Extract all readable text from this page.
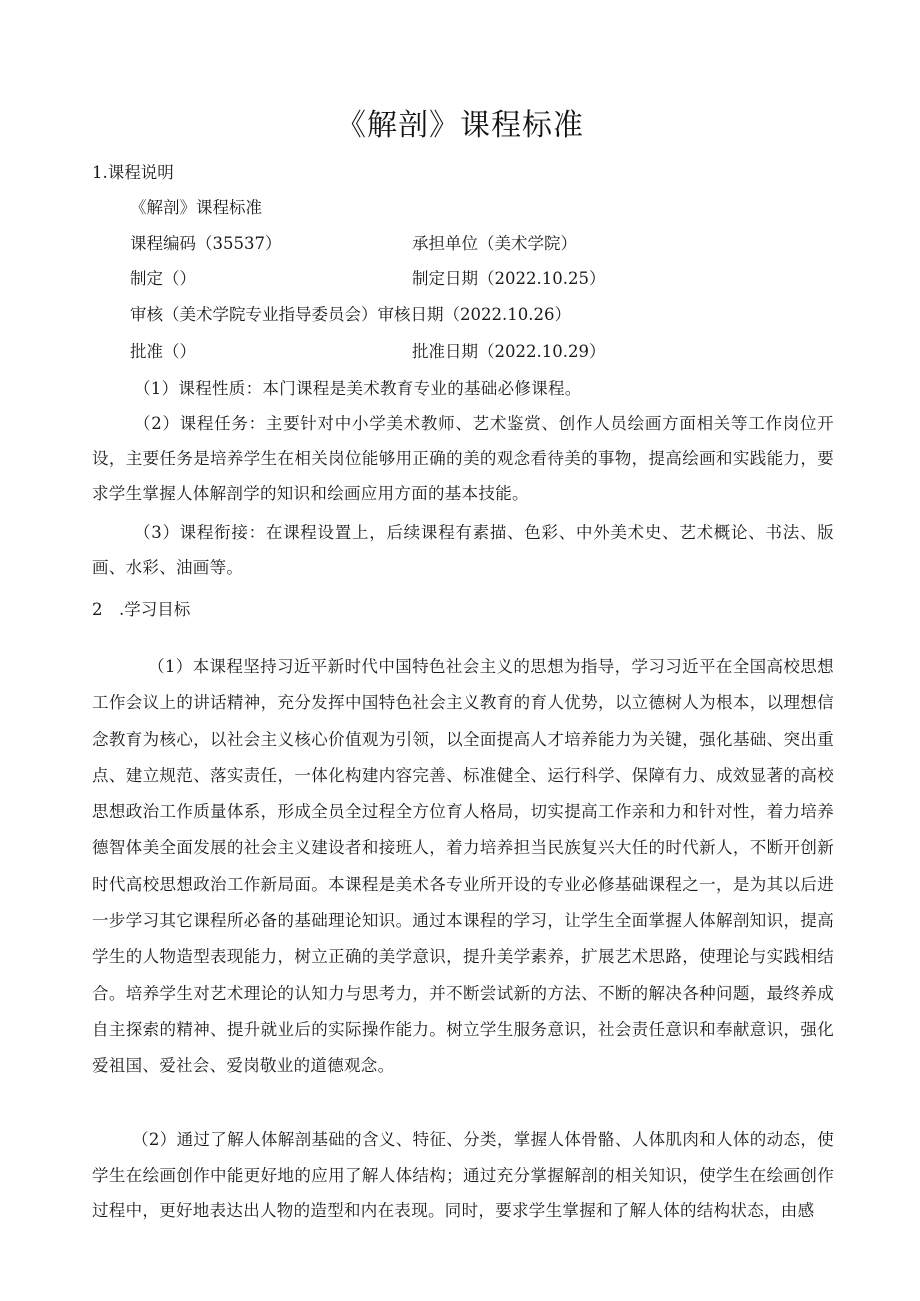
《解剖》课程标准
1.课程说明
《解剖》课程标准
课程编码（35537）	承担单位（美术学院）
制定（）	制定日期（2022.10.25）
审核（美术学院专业指导委员会）审核日期（2022.10.26）
批准（）	批准日期（2022.10.29）
（1）课程性质：本门课程是美术教育专业的基础必修课程。
（2）课程任务：主要针对中小学美术教师、艺术鉴赏、创作人员绘画方面相关等工作岗位开设，主要任务是培养学生在相关岗位能够用正确的美的观念看待美的事物，提高绘画和实践能力，要求学生掌握人体解剖学的知识和绘画应用方面的基本技能。
（3）课程衔接：在课程设置上，后续课程有素描、色彩、中外美术史、艺术概论、书法、版画、水彩、油画等。
2　.学习目标
（1）本课程坚持习近平新时代中国特色社会主义的思想为指导，学习习近平在全国高校思想工作会议上的讲话精神，充分发挥中国特色社会主义教育的育人优势，以立德树人为根本，以理想信念教育为核心，以社会主义核心价值观为引领，以全面提高人才培养能力为关键，强化基础、突出重点、建立规范、落实责任，一体化构建内容完善、标准健全、运行科学、保障有力、成效显著的高校思想政治工作质量体系，形成全员全过程全方位育人格局，切实提高工作亲和力和针对性，着力培养德智体美全面发展的社会主义建设者和接班人，着力培养担当民族复兴大任的时代新人，不断开创新时代高校思想政治工作新局面。本课程是美术各专业所开设的专业必修基础课程之一，是为其以后进一步学习其它课程所必备的基础理论知识。通过本课程的学习，让学生全面掌握人体解剖知识，提高学生的人物造型表现能力，树立正确的美学意识，提升美学素养，扩展艺术思路，使理论与实践相结合。培养学生对艺术理论的认知力与思考力，并不断尝试新的方法、不断的解决各种问题，最终养成自主探索的精神、提升就业后的实际操作能力。树立学生服务意识，社会责任意识和奉献意识，强化爱祖国、爱社会、爱岗敬业的道德观念。
（2）通过了解人体解剖基础的含义、特征、分类，掌握人体骨骼、人体肌肉和人体的动态，使学生在绘画创作中能更好地的应用了解人体结构；通过充分掌握解剖的相关知识，使学生在绘画创作过程中，更好地表达出人物的造型和内在表现。同时，要求学生掌握和了解人体的结构状态，由感
